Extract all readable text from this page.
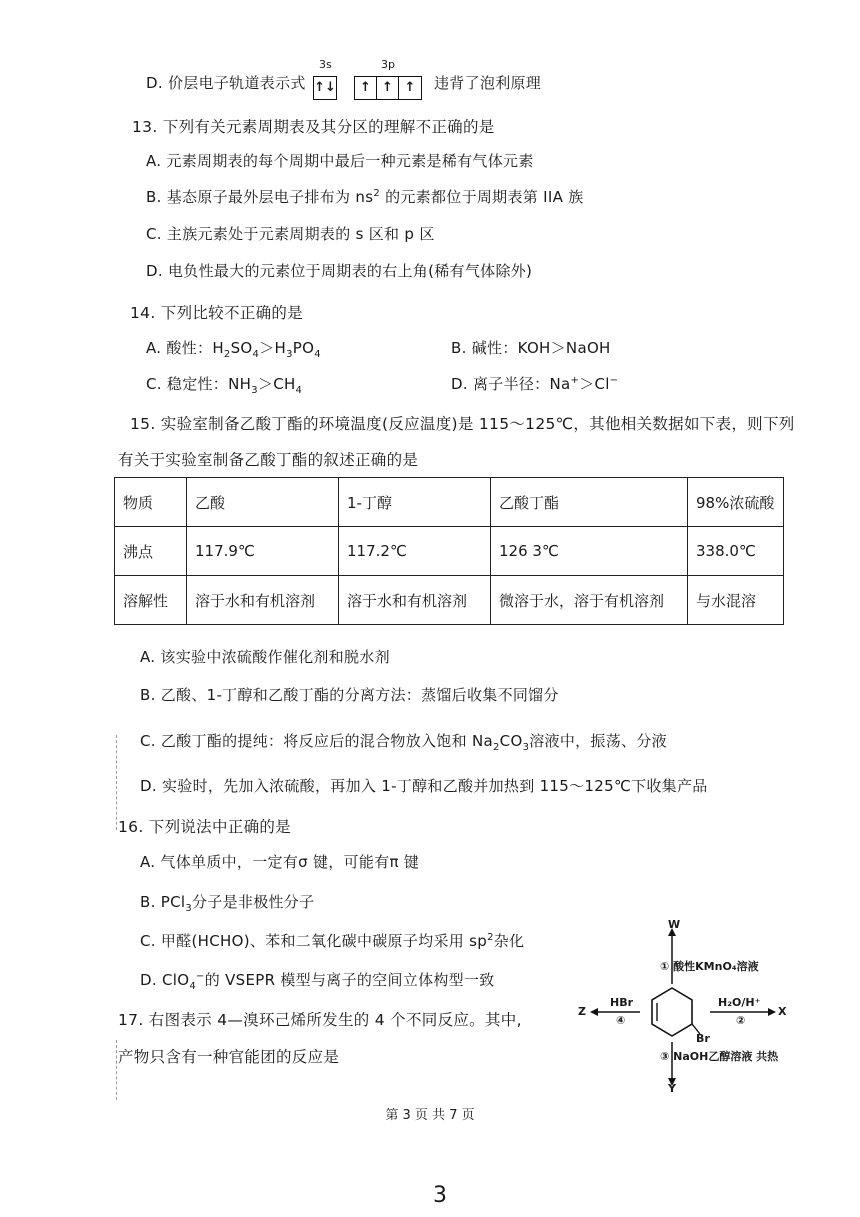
D. 价层电子轨道表示式
3s	3p
↑↓	↑ ↑ ↑	违背了泡利原理
13. 下列有关元素周期表及其分区的理解不正确的是
A. 元素周期表的每个周期中最后一种元素是稀有气体元素
B. 基态原子最外层电子排布为 $ns^2$ 的元素都位于周期表第 IIA 族
C. 主族元素处于元素周期表的 s 区和 p 区
D. 电负性最大的元素位于周期表的右上角(稀有气体除外)
14. 下列比较不正确的是
A. 酸性：$H_2SO_4>H_3PO_4$	B. 碱性：KOH＞NaOH
C. 稳定性：$NH_3>CH_4$	D. 离子半径：Na+＞Cl−
15. 实验室制备乙酸丁酯的环境温度(反应温度)是 115～125℃，其他相关数据如下表，则下列
有关于实验室制备乙酸丁酯的叙述正确的是
物质	乙酸	1-丁醇	乙酸丁酯	98%浓硫酸
沸点	117.9℃	117.2℃	126 3℃	338.0℃
溶解性	溶于水和有机溶剂	溶于水和有机溶剂	微溶于水，溶于有机溶剂	与水混溶
A. 该实验中浓硫酸作催化剂和脱水剂
B. 乙酸、1-丁醇和乙酸丁酯的分离方法：蒸馏后收集不同馏分
C. 乙酸丁酯的提纯：将反应后的混合物放入饱和 $Na_2CO_3$溶液中，振荡、分液
D. 实验时，先加入浓硫酸，再加入 1-丁醇和乙酸并加热到 115～125℃下收集产品
16. 下列说法中正确的是
A. 气体单质中，一定有σ 键，可能有π 键
B. PCl$_3$分子是非极性分子
C. 甲醛(HCHO)、苯和二氧化碳中碳原子均采用 $sp^2$杂化
D. ClO$_4$−的 VSEPR 模型与离子的空间立体构型一致
17. 右图表示 4—溴环己烯所发生的 4 个不同反应。其中,
产物只含有一种官能团的反应是
W
① 酸性KMnO₄溶液
Z
HBr
④
Br
H₂O/H⁺
②
X
③ NaOH乙醇溶液 共热
Y
第 3 页 共 7 页
3
